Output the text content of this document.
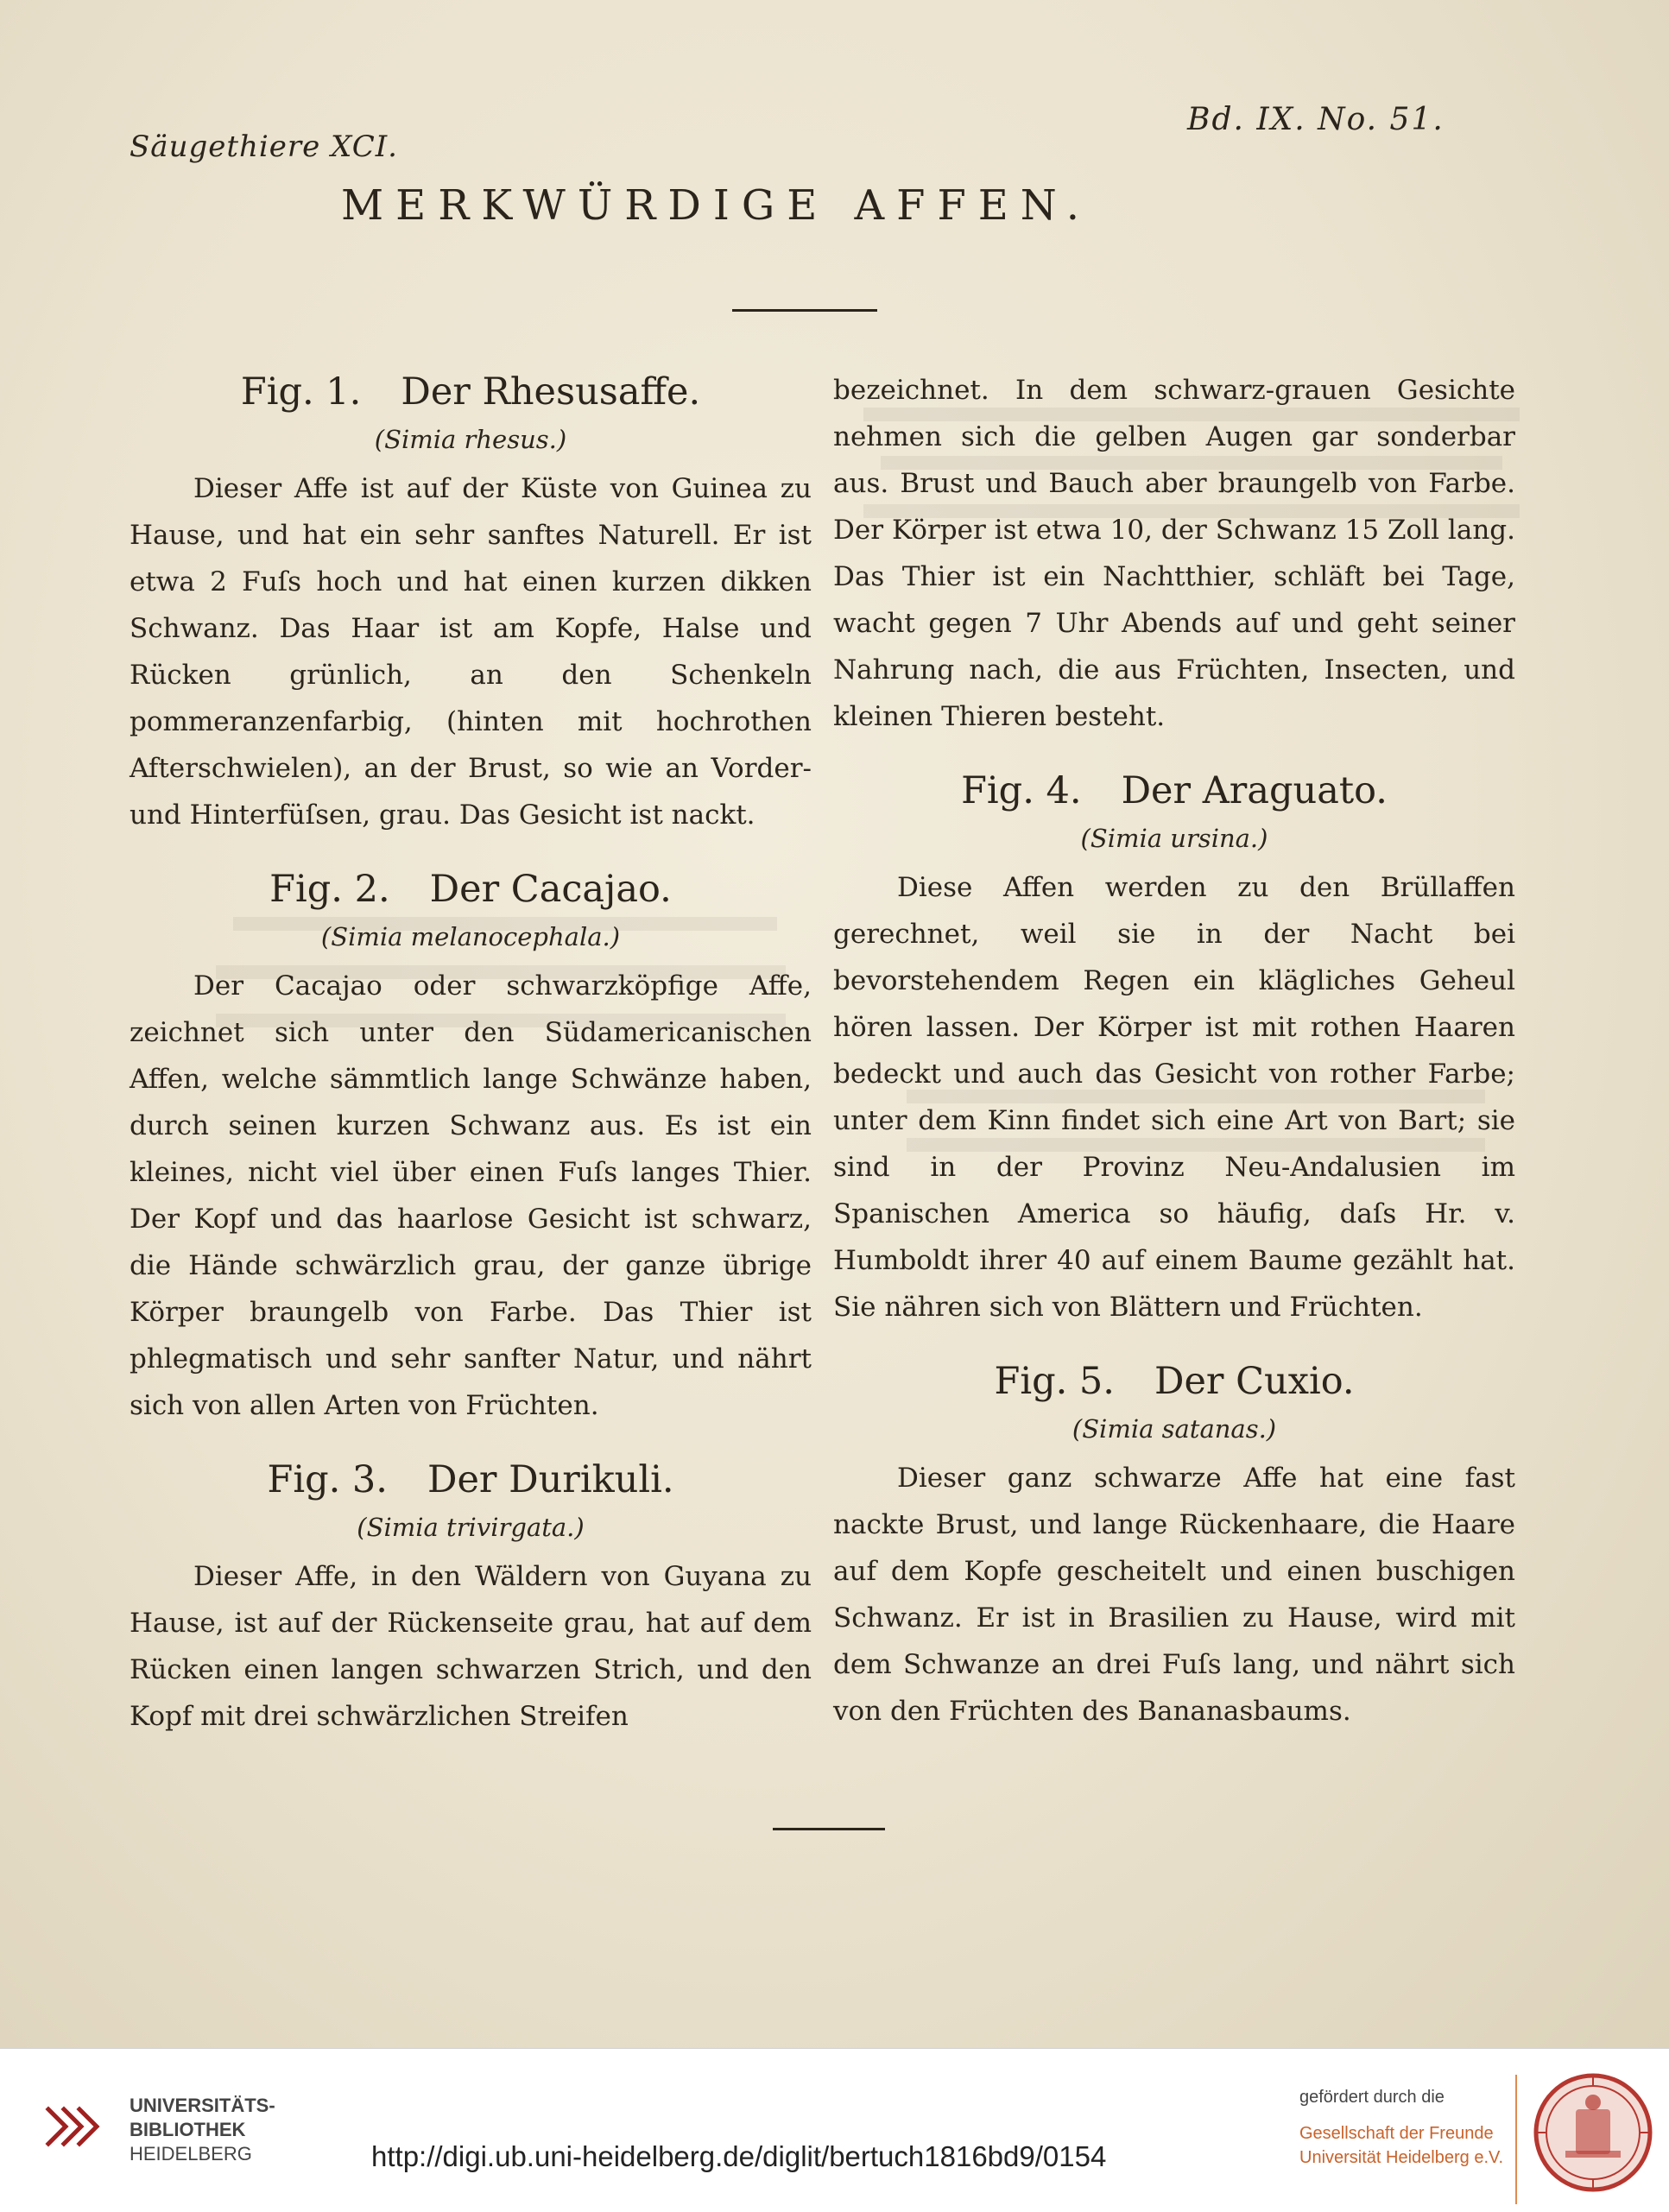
Säugethiere XCI.
Bd. IX. No. 51.
MERKWÜRDIGE AFFEN.
Fig. 1. Der Rhesusaffe.
(Simia rhesus.)

Dieser Affe ist auf der Küste von Guinea zu Hause, und hat ein sehr sanftes Naturell. Er ist etwa 2 Fuſs hoch und hat einen kurzen dikken Schwanz. Das Haar ist am Kopfe, Halse und Rücken grünlich, an den Schenkeln pommeranzenfarbig, (hinten mit hochrothen Afterschwielen), an der Brust, so wie an Vorder- und Hinterfüſsen, grau. Das Gesicht ist nackt.

Fig. 2. Der Cacajao.
(Simia melanocephala.)

Der Cacajao oder schwarzköpfige Affe, zeichnet sich unter den Südamericanischen Affen, welche sämmtlich lange Schwänze haben, durch seinen kurzen Schwanz aus. Es ist ein kleines, nicht viel über einen Fuſs langes Thier. Der Kopf und das haarlose Gesicht ist schwarz, die Hände schwärzlich grau, der ganze übrige Körper braungelb von Farbe. Das Thier ist phlegmatisch und sehr sanfter Natur, und nährt sich von allen Arten von Früchten.

Fig. 3. Der Durikuli.
(Simia trivirgata.)

Dieser Affe, in den Wäldern von Guyana zu Hause, ist auf der Rückenseite grau, hat auf dem Rücken einen langen schwarzen Strich, und den Kopf mit drei schwärzlichen Streifen

bezeichnet. In dem schwarz-grauen Gesichte nehmen sich die gelben Augen gar sonderbar aus. Brust und Bauch aber braungelb von Farbe. Der Körper ist etwa 10, der Schwanz 15 Zoll lang. Das Thier ist ein Nachtthier, schläft bei Tage, wacht gegen 7 Uhr Abends auf und geht seiner Nahrung nach, die aus Früchten, Insecten, und kleinen Thieren besteht.

Fig. 4. Der Araguato.
(Simia ursina.)

Diese Affen werden zu den Brüllaffen gerechnet, weil sie in der Nacht bei bevorstehendem Regen ein klägliches Geheul hören lassen. Der Körper ist mit rothen Haaren bedeckt und auch das Gesicht von rother Farbe; unter dem Kinn findet sich eine Art von Bart; sie sind in der Provinz Neu-Andalusien im Spanischen America so häufig, daſs Hr. v. Humboldt ihrer 40 auf einem Baume gezählt hat. Sie nähren sich von Blättern und Früchten.

Fig. 5. Der Cuxio.
(Simia satanas.)

Dieser ganz schwarze Affe hat eine fast nackte Brust, und lange Rückenhaare, die Haare auf dem Kopfe gescheitelt und einen buschigen Schwanz. Er ist in Brasilien zu Hause, wird mit dem Schwanze an drei Fuſs lang, und nährt sich von den Früchten des Bananasbaums.

UNIVERSITÄTS-
BIBLIOTHEK
HEIDELBERG	http://digi.ub.uni-heidelberg.de/diglit/bertuch1816bd9/0154
gefördert durch die
Gesellschaft der Freunde
Universität Heidelberg e.V.
